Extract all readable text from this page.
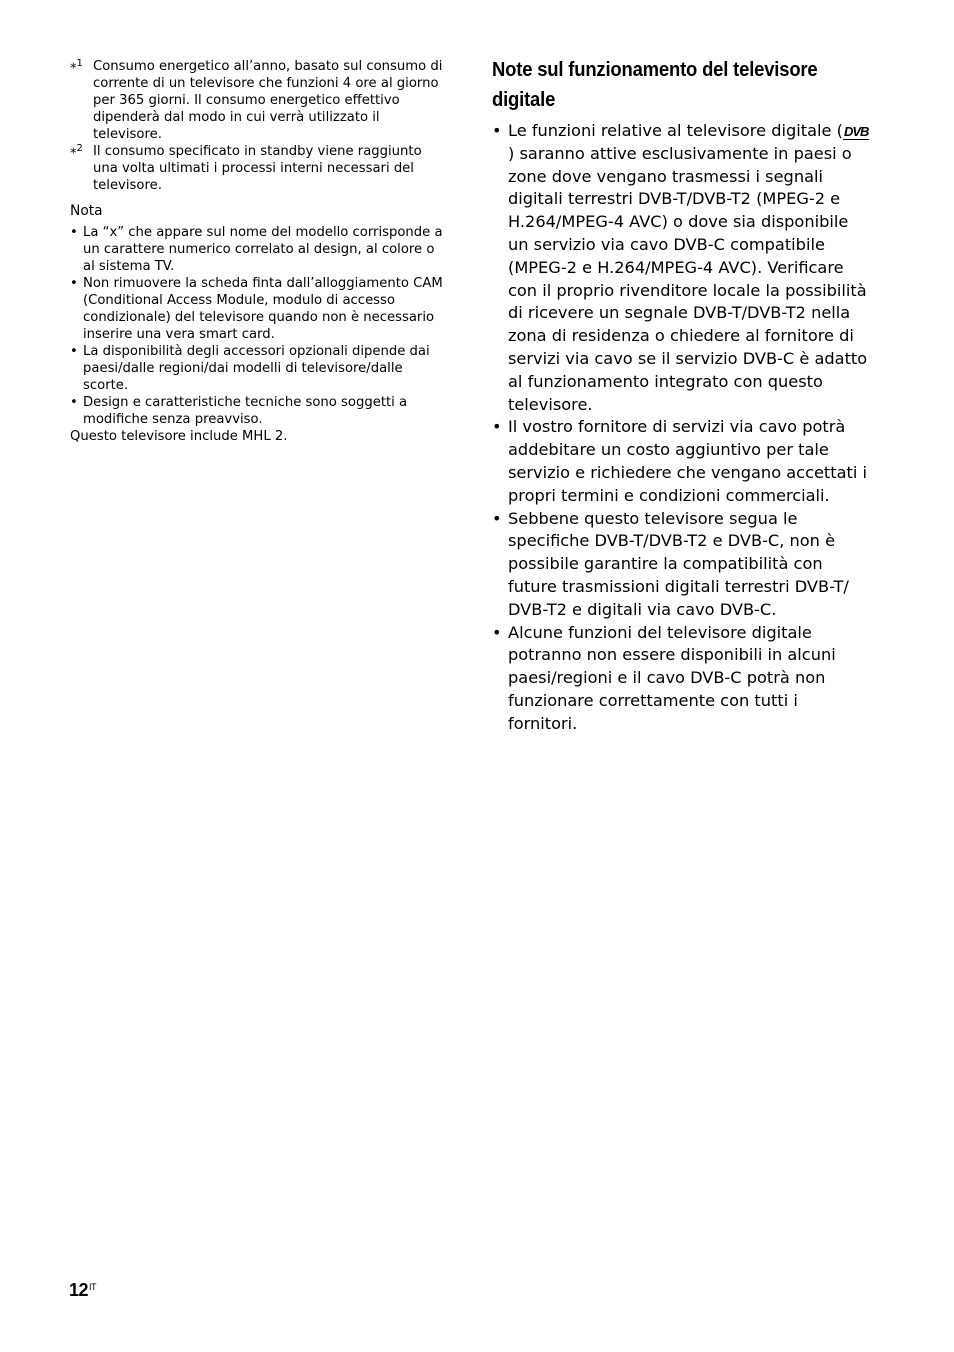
*$^1$ Consumo energetico all’anno, basato sul consumo di corrente di un televisore che funzioni 4 ore al giorno per 365 giorni. Il consumo energetico effettivo dipenderà dal modo in cui verrà utilizzato il televisore.
*$^2$ Il consumo specificato in standby viene raggiunto una volta ultimati i processi interni necessari del televisore.
Nota
• La “x” che appare sul nome del modello corrisponde a un carattere numerico correlato al design, al colore o al sistema TV.
• Non rimuovere la scheda finta dall’alloggiamento CAM (Conditional Access Module, modulo di accesso condizionale) del televisore quando non è necessario inserire una vera smart card.
• La disponibilità degli accessori opzionali dipende dai paesi/dalle regioni/dai modelli di televisore/dalle scorte.
• Design e caratteristiche tecniche sono soggetti a modifiche senza preavviso.
Questo televisore include MHL 2.
Note sul funzionamento del televisore digitale
• Le funzioni relative al televisore digitale (DVB) saranno attive esclusivamente in paesi o zone dove vengano trasmessi i segnali digitali terrestri DVB-T/DVB-T2 (MPEG-2 e H.264/MPEG-4 AVC) o dove sia disponibile un servizio via cavo DVB-C compatibile (MPEG-2 e H.264/MPEG-4 AVC). Verificare con il proprio rivenditore locale la possibilità di ricevere un segnale DVB-T/DVB-T2 nella zona di residenza o chiedere al fornitore di servizi via cavo se il servizio DVB-C è adatto al funzionamento integrato con questo televisore.
• Il vostro fornitore di servizi via cavo potrà addebitare un costo aggiuntivo per tale servizio e richiedere che vengano accettati i propri termini e condizioni commerciali.
• Sebbene questo televisore segua le specifiche DVB-T/DVB-T2 e DVB-C, non è possibile garantire la compatibilità con future trasmissioni digitali terrestri DVB-T/ DVB-T2 e digitali via cavo DVB-C.
• Alcune funzioni del televisore digitale potranno non essere disponibili in alcuni paesi/regioni e il cavo DVB-C potrà non funzionare correttamente con tutti i fornitori.
$12^{IT}$
